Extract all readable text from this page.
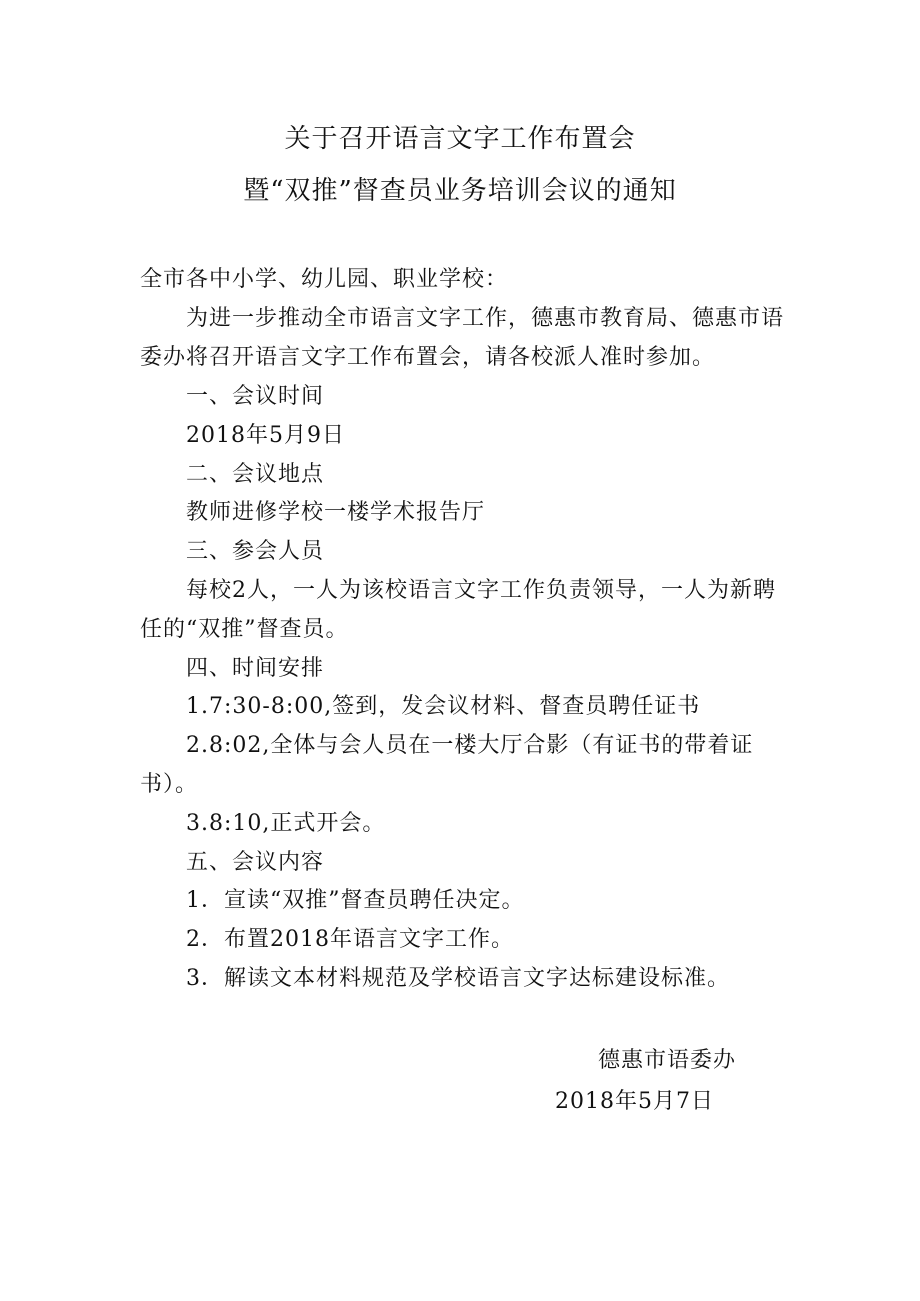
关于召开语言文字工作布置会
暨“双推”督查员业务培训会议的通知
全市各中小学、幼儿园、职业学校：
为进一步推动全市语言文字工作，德惠市教育局、德惠市语
委办将召开语言文字工作布置会，请各校派人准时参加。
一、会议时间
2018年5月9日
二、会议地点
教师进修学校一楼学术报告厅
三、参会人员
每校2人，一人为该校语言文字工作负责领导，一人为新聘
任的“双推”督查员。
四、时间安排
1.7:30-8:00,签到，发会议材料、督查员聘任证书
2.8:02,全体与会人员在一楼大厅合影（有证书的带着证
书）。
3.8:10,正式开会。
五、会议内容
1．宣读“双推”督查员聘任决定。
2．布置2018年语言文字工作。
3．解读文本材料规范及学校语言文字达标建设标准。
德惠市语委办
2018年5月7日
